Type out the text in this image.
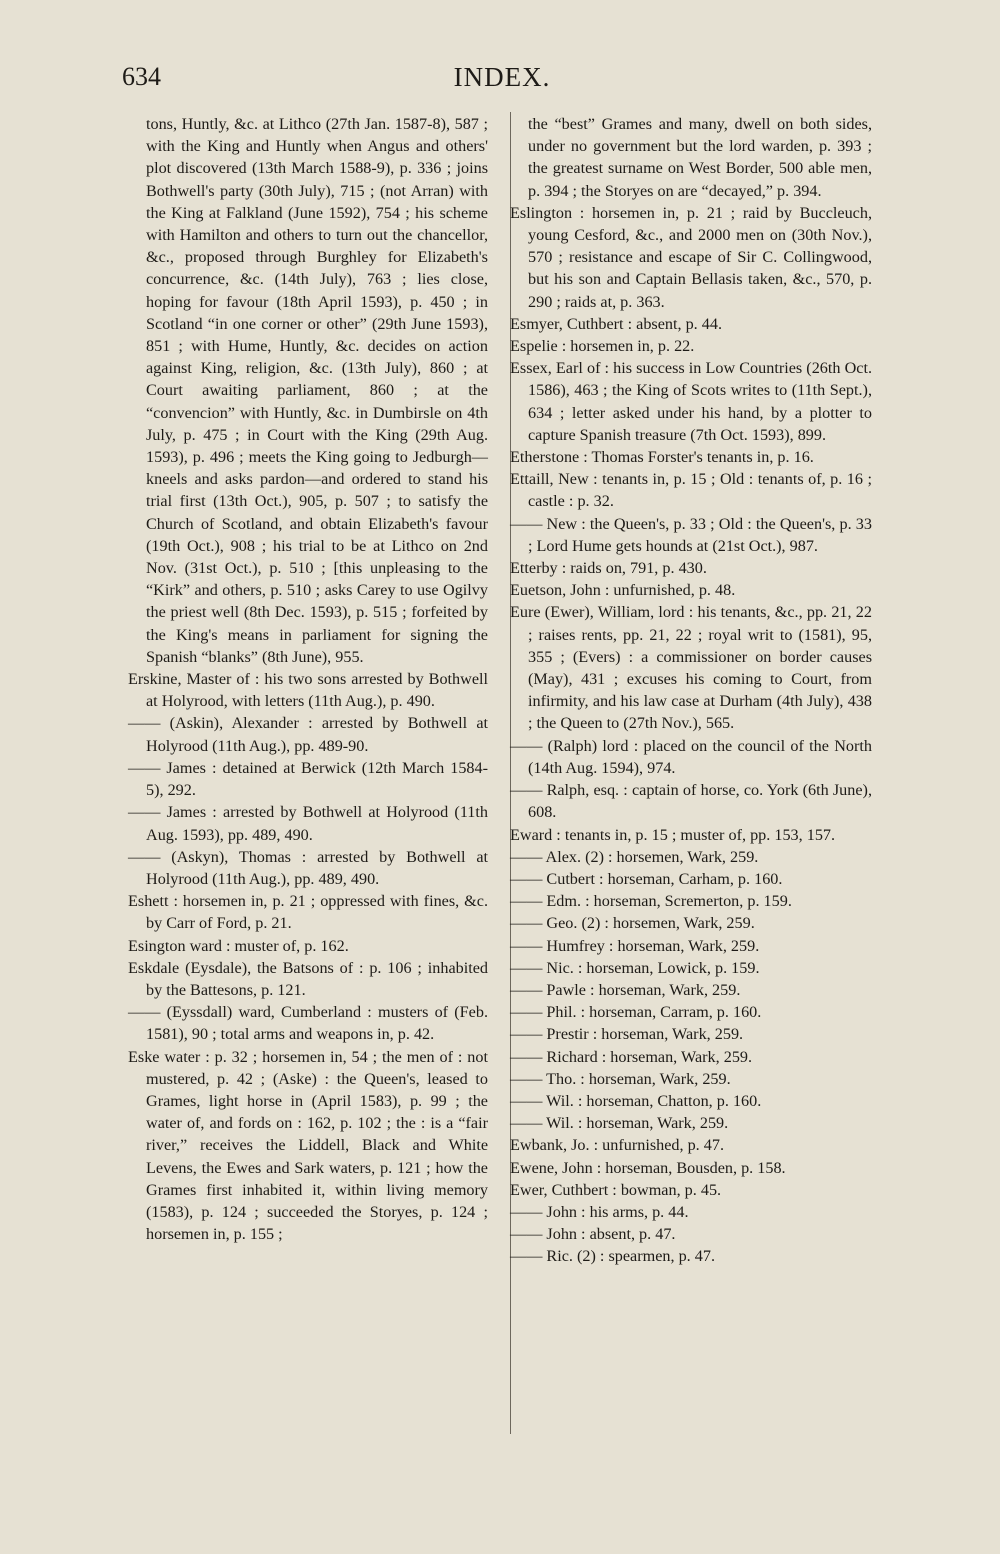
634	INDEX.

tons, Huntly, &c. at Lithco (27th Jan. 1587-8), 587 ; with the King and Huntly when Angus and others' plot discovered (13th March 1588-9), p. 336 ; joins Bothwell's party (30th July), 715 ; (not Arran) with the King at Falkland (June 1592), 754 ; his scheme with Hamilton and others to turn out the chancellor, &c., proposed through Burghley for Elizabeth's concurrence, &c. (14th July), 763 ; lies close, hoping for favour (18th April 1593), p. 450 ; in Scotland “in one corner or other” (29th June 1593), 851 ; with Hume, Huntly, &c. decides on action against King, religion, &c. (13th July), 860 ; at Court awaiting parliament, 860 ; at the “convencion” with Huntly, &c. in Dumbirsle on 4th July, p. 475 ; in Court with the King (29th Aug. 1593), p. 496 ; meets the King going to Jedburgh—kneels and asks pardon—and ordered to stand his trial first (13th Oct.), 905, p. 507 ; to satisfy the Church of Scotland, and obtain Elizabeth's favour (19th Oct.), 908 ; his trial to be at Lithco on 2nd Nov. (31st Oct.), p. 510 ; [this unpleasing to the “Kirk” and others, p. 510 ; asks Carey to use Ogilvy the priest well (8th Dec. 1593), p. 515 ; forfeited by the King's means in parliament for signing the Spanish “blanks” (8th June), 955.

Erskine, Master of : his two sons arrested by Bothwell at Holyrood, with letters (11th Aug.), p. 490.

—— (Askin), Alexander : arrested by Bothwell at Holyrood (11th Aug.), pp. 489-90.

—— James : detained at Berwick (12th March 1584-5), 292.

—— James : arrested by Bothwell at Holyrood (11th Aug. 1593), pp. 489, 490.

—— (Askyn), Thomas : arrested by Bothwell at Holyrood (11th Aug.), pp. 489, 490.

Eshett : horsemen in, p. 21 ; oppressed with fines, &c. by Carr of Ford, p. 21.

Esington ward : muster of, p. 162.

Eskdale (Eysdale), the Batsons of : p. 106 ; inhabited by the Battesons, p. 121.

—— (Eyssdall) ward, Cumberland : musters of (Feb. 1581), 90 ; total arms and weapons in, p. 42.

Eske water : p. 32 ; horsemen in, 54 ; the men of : not mustered, p. 42 ; (Aske) : the Queen's, leased to Grames, light horse in (April 1583), p. 99 ; the water of, and fords on : 162, p. 102 ; the : is a “fair river,” receives the Liddell, Black and White Levens, the Ewes and Sark waters, p. 121 ; how the Grames first inhabited it, within living memory (1583), p. 124 ; succeeded the Storyes, p. 124 ; horsemen in, p. 155 ;

the “best” Grames and many, dwell on both sides, under no government but the lord warden, p. 393 ; the greatest surname on West Border, 500 able men, p. 394 ; the Storyes on are “decayed,” p. 394.

Eslington : horsemen in, p. 21 ; raid by Buccleuch, young Cesford, &c., and 2000 men on (30th Nov.), 570 ; resistance and escape of Sir C. Collingwood, but his son and Captain Bellasis taken, &c., 570, p. 290 ; raids at, p. 363.

Esmyer, Cuthbert : absent, p. 44.

Espelie : horsemen in, p. 22.

Essex, Earl of : his success in Low Countries (26th Oct. 1586), 463 ; the King of Scots writes to (11th Sept.), 634 ; letter asked under his hand, by a plotter to capture Spanish treasure (7th Oct. 1593), 899.

Etherstone : Thomas Forster's tenants in, p. 16.

Ettaill, New : tenants in, p. 15 ; Old : tenants of, p. 16 ; castle : p. 32.

—— New : the Queen's, p. 33 ; Old : the Queen's, p. 33 ; Lord Hume gets hounds at (21st Oct.), 987.

Etterby : raids on, 791, p. 430.

Euetson, John : unfurnished, p. 48.

Eure (Ewer), William, lord : his tenants, &c., pp. 21, 22 ; raises rents, pp. 21, 22 ; royal writ to (1581), 95, 355 ; (Evers) : a commissioner on border causes (May), 431 ; excuses his coming to Court, from infirmity, and his law case at Durham (4th July), 438 ; the Queen to (27th Nov.), 565.

—— (Ralph) lord : placed on the council of the North (14th Aug. 1594), 974.

—— Ralph, esq. : captain of horse, co. York (6th June), 608.

Eward : tenants in, p. 15 ; muster of, pp. 153, 157.

—— Alex. (2) : horsemen, Wark, 259.

—— Cutbert : horseman, Carham, p. 160.

—— Edm. : horseman, Scremerton, p. 159.

—— Geo. (2) : horsemen, Wark, 259.

—— Humfrey : horseman, Wark, 259.

—— Nic. : horseman, Lowick, p. 159.

—— Pawle : horseman, Wark, 259.

—— Phil. : horseman, Carram, p. 160.

—— Prestir : horseman, Wark, 259.

—— Richard : horseman, Wark, 259.

—— Tho. : horseman, Wark, 259.

—— Wil. : horseman, Chatton, p. 160.

—— Wil. : horseman, Wark, 259.

Ewbank, Jo. : unfurnished, p. 47.

Ewene, John : horseman, Bousden, p. 158.

Ewer, Cuthbert : bowman, p. 45.

—— John : his arms, p. 44.

—— John : absent, p. 47.

—— Ric. (2) : spearmen, p. 47.
